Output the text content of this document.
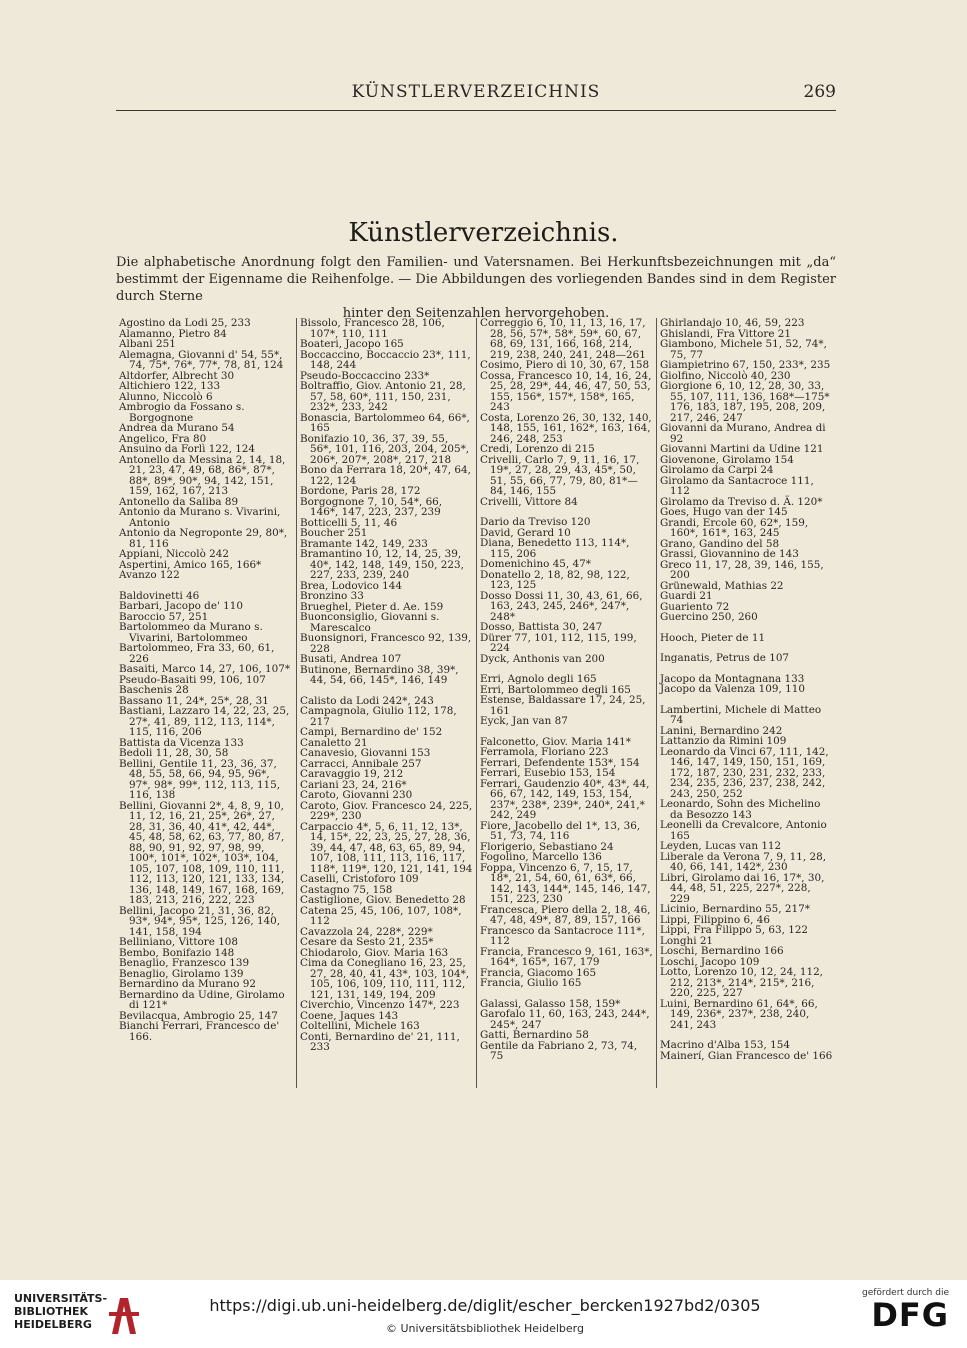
KÜNSTLERVERZEICHNIS	269
Künstlerverzeichnis.
Die alphabetische Anordnung folgt den Familien- und Vatersnamen. Bei Herkunftsbezeichnungen mit „da“ bestimmt der Eigenname die Reihenfolge. — Die Abbildungen des vorliegenden Bandes sind in dem Register durch Sterne
hinter den Seitenzahlen hervorgehoben.
Agostino da Lodi 25, 233
Alamanno, Pietro 84
Albani 251
Alemagna, Giovanni d' 54, 55*, 74, 75*, 76*, 77*, 78, 81, 124
Altdorfer, Albrecht 30
Altichiero 122, 133
Alunno, Niccolò 6
Ambrogio da Fossano s. Borgognone
Andrea da Murano 54
Angelico, Fra 80
Ansuino da Forlì 122, 124
Antonello da Messina 2, 14, 18, 21, 23, 47, 49, 68, 86*, 87*, 88*, 89*, 90*, 94, 142, 151, 159, 162, 167, 213
Antonello da Saliba 89
Antonio da Murano s. Vivarini, Antonio
Antonio da Negroponte 29, 80*, 81, 116
Appiani, Niccolò 242
Aspertini, Amico 165, 166*
Avanzo 122
Baldovinetti 46
Barbari, Jacopo de' 110
Baroccio 57, 251
Bartolommeo da Murano s. Vivarini, Bartolommeo
Bartolommeo, Fra 33, 60, 61, 226
Basaiti, Marco 14, 27, 106, 107*
Pseudo-Basaiti 99, 106, 107
Baschenis 28
Bassano 11, 24*, 25*, 28, 31
Bastiani, Lazzaro 14, 22, 23, 25, 27*, 41, 89, 112, 113, 114*, 115, 116, 206
Battista da Vicenza 133
Bedoli 11, 28, 30, 58
Bellini, Gentile 11, 23, 36, 37, 48, 55, 58, 66, 94, 95, 96*, 97*, 98*, 99*, 112, 113, 115, 116, 138
Bellini, Giovanni 2*, 4, 8, 9, 10, 11, 12, 16, 21, 25*, 26*, 27, 28, 31, 36, 40, 41*, 42, 44*, 45, 48, 58, 62, 63, 77, 80, 87, 88, 90, 91, 92, 97, 98, 99, 100*, 101*, 102*, 103*, 104, 105, 107, 108, 109, 110, 111, 112, 113, 120, 121, 133, 134, 136, 148, 149, 167, 168, 169, 183, 213, 216, 222, 223
Bellini, Jacopo 21, 31, 36, 82, 93*, 94*, 95*, 125, 126, 140, 141, 158, 194
Belliniano, Vittore 108
Bembo, Bonifazio 148
Benaglio, Franzesco 139
Benaglio, Girolamo 139
Bernardino da Murano 92
Bernardino da Udine, Girolamo di 121*
Bevilacqua, Ambrogio 25, 147
Bianchi Ferrari, Francesco de' 166.
Bissolo, Francesco 28, 106, 107*, 110, 111
Boateri, Jacopo 165
Boccaccino, Boccaccio 23*, 111, 148, 244
Pseudo-Boccaccino 233*
Boltraffio, Giov. Antonio 21, 28, 57, 58, 60*, 111, 150, 231, 232*, 233, 242
Bonascia, Bartolommeo 64, 66*, 165
Bonifazio 10, 36, 37, 39, 55, 56*, 101, 116, 203, 204, 205*, 206*, 207*, 208*, 217, 218
Bono da Ferrara 18, 20*, 47, 64, 122, 124
Bordone, Paris 28, 172
Borgognone 7, 10, 54*, 66, 146*, 147, 223, 237, 239
Botticelli 5, 11, 46
Boucher 251
Bramante 142, 149, 233
Bramantino 10, 12, 14, 25, 39, 40*, 142, 148, 149, 150, 223, 227, 233, 239, 240
Brea, Lodovico 144
Bronzino 33
Brueghel, Pieter d. Ae. 159
Buonconsiglio, Giovanni s. Marescalco
Buonsignori, Francesco 92, 139, 228
Busati, Andrea 107
Butinone, Bernardino 38, 39*, 44, 54, 66, 145*, 146, 149
Calisto da Lodi 242*, 243
Campagnola, Giulio 112, 178, 217
Campi, Bernardino de' 152
Canaletto 21
Canavesio, Giovanni 153
Carracci, Annibale 257
Caravaggio 19, 212
Cariani 23, 24, 216*
Caroto, Giovanni 230
Caroto, Giov. Francesco 24, 225, 229*, 230
Carpaccio 4*, 5, 6, 11, 12, 13*, 14, 15*, 22, 23, 25, 27, 28, 36, 39, 44, 47, 48, 63, 65, 89, 94, 107, 108, 111, 113, 116, 117, 118*, 119*, 120, 121, 141, 194
Caselli, Cristoforo 109
Castagno 75, 158
Castiglione, Giov. Benedetto 28
Catena 25, 45, 106, 107, 108*, 112
Cavazzola 24, 228*, 229*
Cesare da Sesto 21, 235*
Chiodarolo, Giov. Maria 163
Cima da Conegliano 16, 23, 25, 27, 28, 40, 41, 43*, 103, 104*, 105, 106, 109, 110, 111, 112, 121, 131, 149, 194, 209
Civerchio, Vincenzo 147*, 223
Coene, Jaques 143
Coltellini, Michele 163
Conti, Bernardino de' 21, 111, 233
Correggio 6, 10, 11, 13, 16, 17, 28, 56, 57*, 58*, 59*, 60, 67, 68, 69, 131, 166, 168, 214, 219, 238, 240, 241, 248—261
Cosimo, Piero di 10, 30, 67, 158
Cossa, Francesco 10, 14, 16, 24, 25, 28, 29*, 44, 46, 47, 50, 53, 155, 156*, 157*, 158*, 165, 243
Costa, Lorenzo 26, 30, 132, 140, 148, 155, 161, 162*, 163, 164, 246, 248, 253
Credi, Lorenzo di 215
Crivelli, Carlo 7, 9, 11, 16, 17, 19*, 27, 28, 29, 43, 45*, 50, 51, 55, 66, 77, 79, 80, 81*—84, 146, 155
Crivelli, Vittore 84
Dario da Treviso 120
David, Gerard 10
Diana, Benedetto 113, 114*, 115, 206
Domenichino 45, 47*
Donatello 2, 18, 82, 98, 122, 123, 125
Dosso Dossi 11, 30, 43, 61, 66, 163, 243, 245, 246*, 247*, 248*
Dosso, Battista 30, 247
Dürer 77, 101, 112, 115, 199, 224
Dyck, Anthonis van 200
Erri, Agnolo degli 165
Erri, Bartolommeo degli 165
Estense, Baldassare 17, 24, 25, 161
Eyck, Jan van 87
Falconetto, Giov. Maria 141*
Ferramola, Floriano 223
Ferrari, Defendente 153*, 154
Ferrari, Eusebio 153, 154
Ferrari, Gaudenzio 40*, 43*, 44, 66, 67, 142, 149, 153, 154, 237*, 238*, 239*, 240*, 241,* 242, 249
Fiore, Jacobello del 1*, 13, 36, 51, 73, 74, 116
Florigerio, Sebastiano 24
Fogolino, Marcello 136
Foppa, Vincenzo 6, 7, 15, 17, 18*, 21, 54, 60, 61, 63*, 66, 142, 143, 144*, 145, 146, 147, 151, 223, 230
Francesca, Piero della 2, 18, 46, 47, 48, 49*, 87, 89, 157, 166
Francesco da Santacroce 111*, 112
Francia, Francesco 9, 161, 163*, 164*, 165*, 167, 179
Francia, Giacomo 165
Francia, Giulio 165
Galassi, Galasso 158, 159*
Garofalo 11, 60, 163, 243, 244*, 245*, 247
Gatti, Bernardino 58
Gentile da Fabriano 2, 73, 74, 75
Ghirlandajo 10, 46, 59, 223
Ghislandi, Fra Vittore 21
Giambono, Michele 51, 52, 74*, 75, 77
Giampietrino 67, 150, 233*, 235
Giolfino, Niccolò 40, 230
Giorgione 6, 10, 12, 28, 30, 33, 55, 107, 111, 136, 168*—175* 176, 183, 187, 195, 208, 209, 217, 246, 247
Giovanni da Murano, Andrea di 92
Giovanni Martini da Udine 121
Giovenone, Girolamo 154
Girolamo da Carpi 24
Girolamo da Santacroce 111, 112
Girolamo da Treviso d. Ä. 120*
Goes, Hugo van der 145
Grandi, Ercole 60, 62*, 159, 160*, 161*, 163, 245
Grano, Gandino del 58
Grassi, Giovannino de 143
Greco 11, 17, 28, 39, 146, 155, 200
Grünewald, Mathias 22
Guardi 21
Guariento 72
Guercino 250, 260
Hooch, Pieter de 11
Inganatis, Petrus de 107
Jacopo da Montagnana 133
Jacopo da Valenza 109, 110
Lambertini, Michele di Matteo 74
Lanini, Bernardino 242
Lattanzio da Rimini 109
Leonardo da Vinci 67, 111, 142, 146, 147, 149, 150, 151, 169, 172, 187, 230, 231, 232, 233, 234, 235, 236, 237, 238, 242, 243, 250, 252
Leonardo, Sohn des Michelino da Besozzo 143
Leonelli da Crevalcore, Antonio 165
Leyden, Lucas van 112
Liberale da Verona 7, 9, 11, 28, 40, 66, 141, 142*, 230
Libri, Girolamo dai 16, 17*, 30, 44, 48, 51, 225, 227*, 228, 229
Licinio, Bernardino 55, 217*
Lippi, Filippino 6, 46
Lippi, Fra Filippo 5, 63, 122
Longhi 21
Loschi, Bernardino 166
Loschi, Jacopo 109
Lotto, Lorenzo 10, 12, 24, 112, 212, 213*, 214*, 215*, 216, 220, 225, 227
Luini, Bernardino 61, 64*, 66, 149, 236*, 237*, 238, 240, 241, 243
Macrino d'Alba 153, 154
Mainerí, Gian Francesco de' 166
UNIVERSITÄTS-
BIBLIOTHEK
HEIDELBERG
https://digi.ub.uni-heidelberg.de/diglit/escher_bercken1927bd2/0305
© Universitätsbibliothek Heidelberg
gefördert durch die
DFG
